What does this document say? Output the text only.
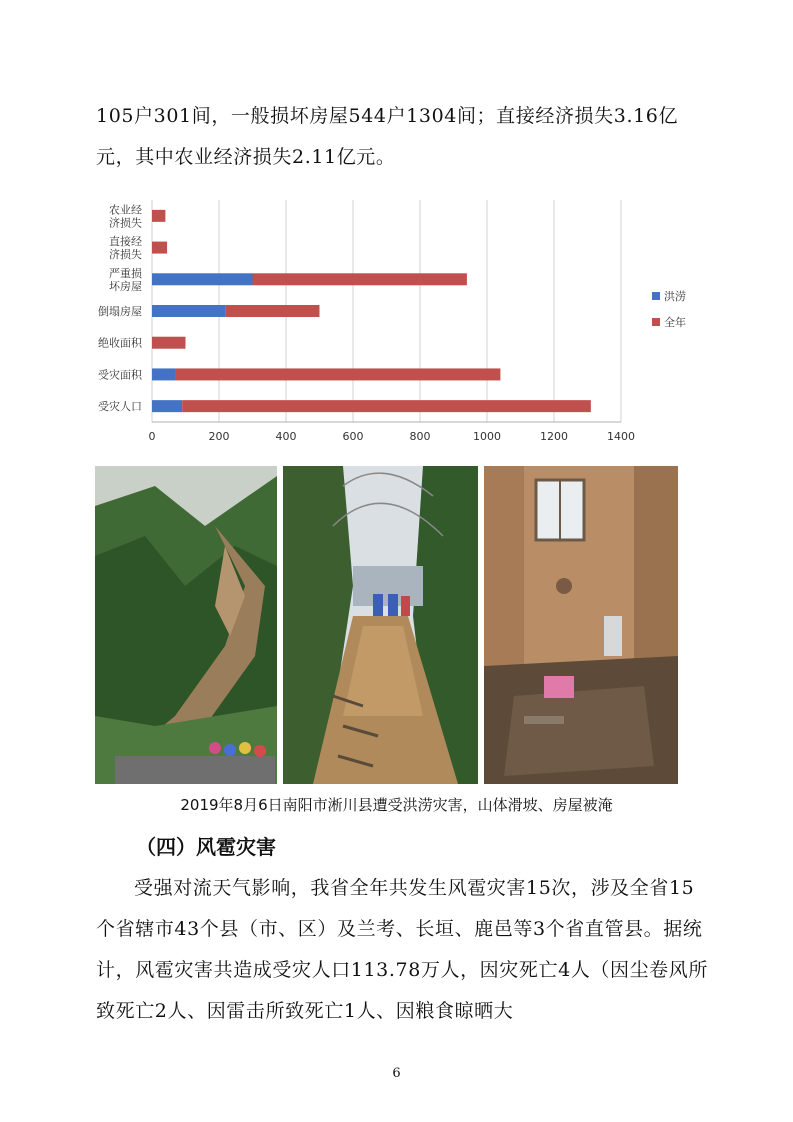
105户301间，一般损坏房屋544户1304间；直接经济损失3.16亿元，其中农业经济损失2.11亿元。
0	200	400	600	800	1000	1200	1400
农业经
济损失
直接经
济损失
严重损
坏房屋
倒塌房屋
绝收面积
受灾面积
受灾人口
洪涝
全年
2019年8月6日南阳市淅川县遭受洪涝灾害，山体滑坡、房屋被淹
（四）风雹灾害
受强对流天气影响，我省全年共发生风雹灾害15次，涉及全省15个省辖市43个县（市、区）及兰考、长垣、鹿邑等3个省直管县。据统计，风雹灾害共造成受灾人口113.78万人，因灾死亡4人（因尘卷风所致死亡2人、因雷击所致死亡1人、因粮食晾晒大
6
